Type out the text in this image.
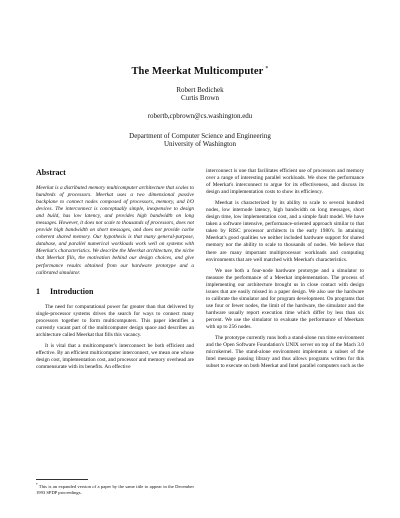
The Meerkat Multicomputer *
Robert Bedichek
Curtis Brown
robertb,cpbrown@cs.washington.edu
Department of Computer Science and Engineering
University of Washington
Abstract

Meerkat is a distributed memory multicomputer architecture that scales to hundreds of processors. Meerkat uses a two dimensional passive backplane to connect nodes composed of processors, memory, and I/O devices. The interconnect is conceptually simple, inexpensive to design and build, has low latency, and provides high bandwidth on long messages. However, it does not scale to thousands of processors, does not provide high bandwidth on short messages, and does not provide cache coherent shared memory. Our hypothesis is that many general-purpose, database, and parallel numerical workloads work well on systems with Meerkat's characteristics. We describe the Meerkat architecture, the niche that Meerkat fills, the motivation behind our design choices, and give performance results obtained from our hardware prototype and a calibrated simulator.

1 Introduction

The need for computational power far greater than that delivered by single-processor systems drives the search for ways to connect many processors together to form multicomputers. This paper identifies a currently vacant part of the multicomputer design space and describes an architecture called Meerkat that fills this vacancy.

It is vital that a multicomputer's interconnect be both efficient and effective. By an efficient multicomputer interconnect, we mean one whose design cost, implementation cost, and processor and memory overhead are commensurate with its benefits. An effective

interconnect is one that facilitates efficient use of processors and memory over a range of interesting parallel workloads. We show the performance of Meerkat's interconnect to argue for its effectiveness, and discuss its design and implementation costs to show its efficiency.

Meerkat is characterized by its ability to scale to several hundred nodes, low internode latency, high bandwidth on long messages, short design time, low implementation cost, and a simple fault model. We have taken a software intensive, performance-oriented approach similar to that taken by RISC processor architects in the early 1980's. In attaining Meerkat's good qualities we neither included hardware support for shared memory nor the ability to scale to thousands of nodes. We believe that there are many important multiprocessor workloads and computing environments that are well matched with Meerkat's characteristics.

We use both a four-node hardware prototype and a simulator to measure the performance of a Meerkat implementation. The process of implementing our architecture brought us in close contact with design issues that are easily missed in a paper design. We also use the hardware to calibrate the simulator and for program development. On programs that use four or fewer nodes, the limit of the hardware, the simulator and the hardware usually report execution time which differ by less than six percent. We use the simulator to evaluate the performance of Meerkats with up to 256 nodes.

The prototype currently runs both a stand-alone run time environment and the Open Software Foundation's UNIX server on top of the Mach 3.0 microkernel. The stand-alone environment implements a subset of the Intel message passing library and thus allows programs written for this subset to execute on both Meerkat and Intel parallel computers such as the

*This is an expanded version of a paper by the same title to appear in the December 1993 SPDP proceedings.
